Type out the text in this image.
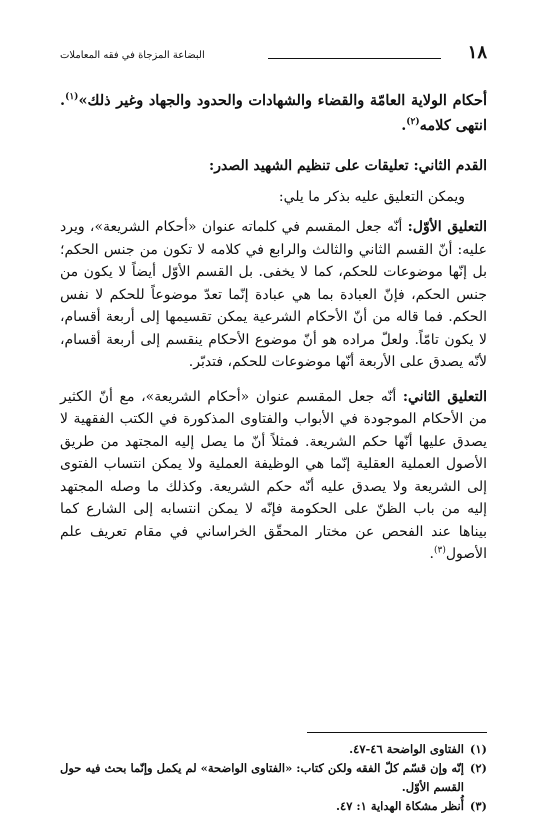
١٨
البضاعة المزجاة في فقه المعاملات

أحكام الولاية العامّة والقضاء والشهادات والحدود والجهاد وغير ذلك»$^{(١)}$. انتهى كلامه$^{(٢)}$.

القدم الثاني: تعليقات على تنظيم الشهيد الصدر:

ويمكن التعليق عليه بذكر ما يلي:

التعليق الأوّل: أنّه جعل المقسم في كلماته عنوان «أحكام الشريعة»، ويرد عليه: أنّ القسم الثاني والثالث والرابع في كلامه لا تكون من جنس الحكم؛ بل إنّها موضوعات للحكم، كما لا يخفى. بل القسم الأوّل أيضاً لا يكون من جنس الحكم، فإنّ العبادة بما هي عبادة إنّما تعدّ موضوعاً للحكم لا نفس الحكم. فما قاله من أنّ الأحكام الشرعية يمكن تقسيمها إلى أربعة أقسام، لا يكون تامّاً. ولعلّ مراده هو أنّ موضوع الأحكام ينقسم إلى أربعة أقسام، لأنّه يصدق على الأربعة أنّها موضوعات للحكم، فتدبّر.

التعليق الثاني: أنّه جعل المقسم عنوان «أحكام الشريعة»، مع أنّ الكثير من الأحكام الموجودة في الأبواب والفتاوى المذكورة في الكتب الفقهية لا يصدق عليها أنّها حكم الشريعة. فمثلاً أنّ ما يصل إليه المجتهد من طريق الأصول العملية العقلية إنّما هي الوظيفة العملية ولا يمكن انتساب الفتوى إلى الشريعة ولا يصدق عليه أنّه حكم الشريعة. وكذلك ما وصله المجتهد إليه من باب الظنّ على الحكومة فإنّه لا يمكن انتسابه إلى الشارع كما بيناها عند الفحص عن مختار المحقّق الخراساني في مقام تعريف علم الأصول$^{(٣)}$.

(١)
الفتاوى الواضحة ٤٦-٤٧.
(٢)
إنّه وإن قسّم كلّ الفقه ولكن كتاب: «الفتاوى الواضحة» لم يكمل وإنّما بحث فيه حول القسم الأوّل.
(٣)
أُنظر مشكاة الهداية ١: ٤٧.
